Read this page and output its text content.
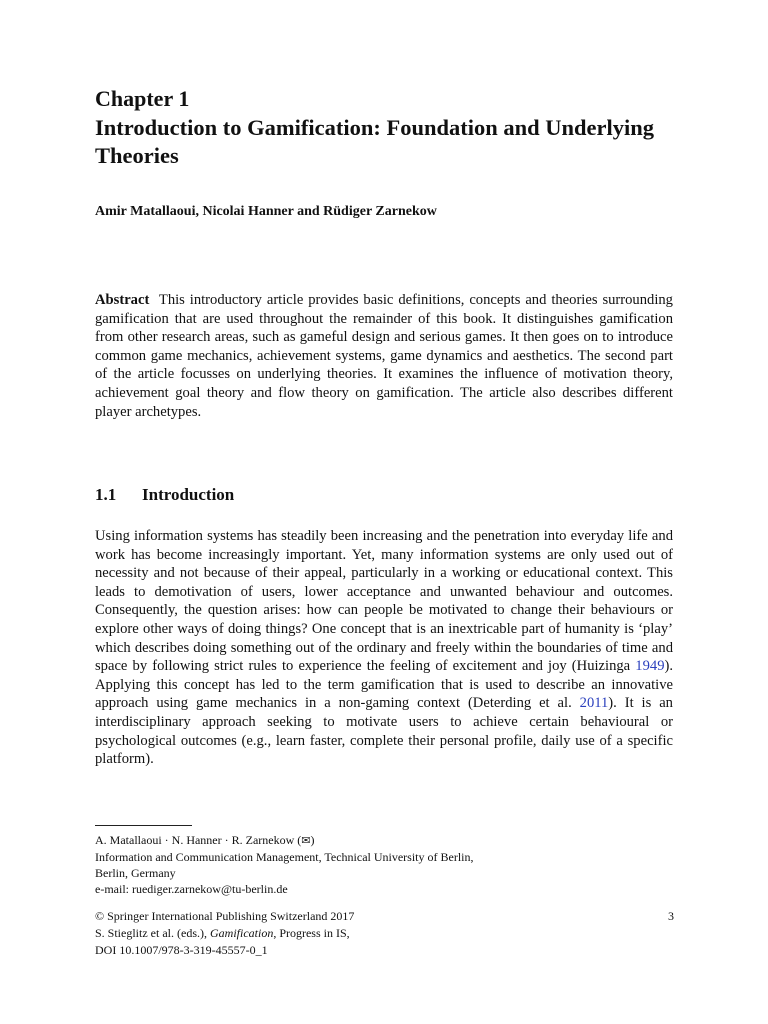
Chapter 1
Introduction to Gamification: Foundation and Underlying Theories
Amir Matallaoui, Nicolai Hanner and Rüdiger Zarnekow
Abstract This introductory article provides basic definitions, concepts and theories surrounding gamification that are used throughout the remainder of this book. It distinguishes gamification from other research areas, such as gameful design and serious games. It then goes on to introduce common game mechanics, achievement systems, game dynamics and aesthetics. The second part of the article focusses on underlying theories. It examines the influence of motivation theory, achievement goal theory and flow theory on gamification. The article also describes different player archetypes.
1.1 Introduction
Using information systems has steadily been increasing and the penetration into everyday life and work has become increasingly important. Yet, many information systems are only used out of necessity and not because of their appeal, particularly in a working or educational context. This leads to demotivation of users, lower acceptance and unwanted behaviour and outcomes. Consequently, the question arises: how can people be motivated to change their behaviours or explore other ways of doing things? One concept that is an inextricable part of humanity is ‘play’ which describes doing something out of the ordinary and freely within the boundaries of time and space by following strict rules to experience the feeling of excitement and joy (Huizinga 1949). Applying this concept has led to the term gamification that is used to describe an innovative approach using game mechanics in a non-gaming context (Deterding et al. 2011). It is an interdisciplinary approach seeking to motivate users to achieve certain behavioural or psychological outcomes (e.g., learn faster, complete their personal profile, daily use of a specific platform).
A. Matallaoui · N. Hanner · R. Zarnekow (✉)
Information and Communication Management, Technical University of Berlin,
Berlin, Germany
e-mail: ruediger.zarnekow@tu-berlin.de
© Springer International Publishing Switzerland 2017
S. Stieglitz et al. (eds.), Gamification, Progress in IS,
DOI 10.1007/978-3-319-45557-0_1
3
